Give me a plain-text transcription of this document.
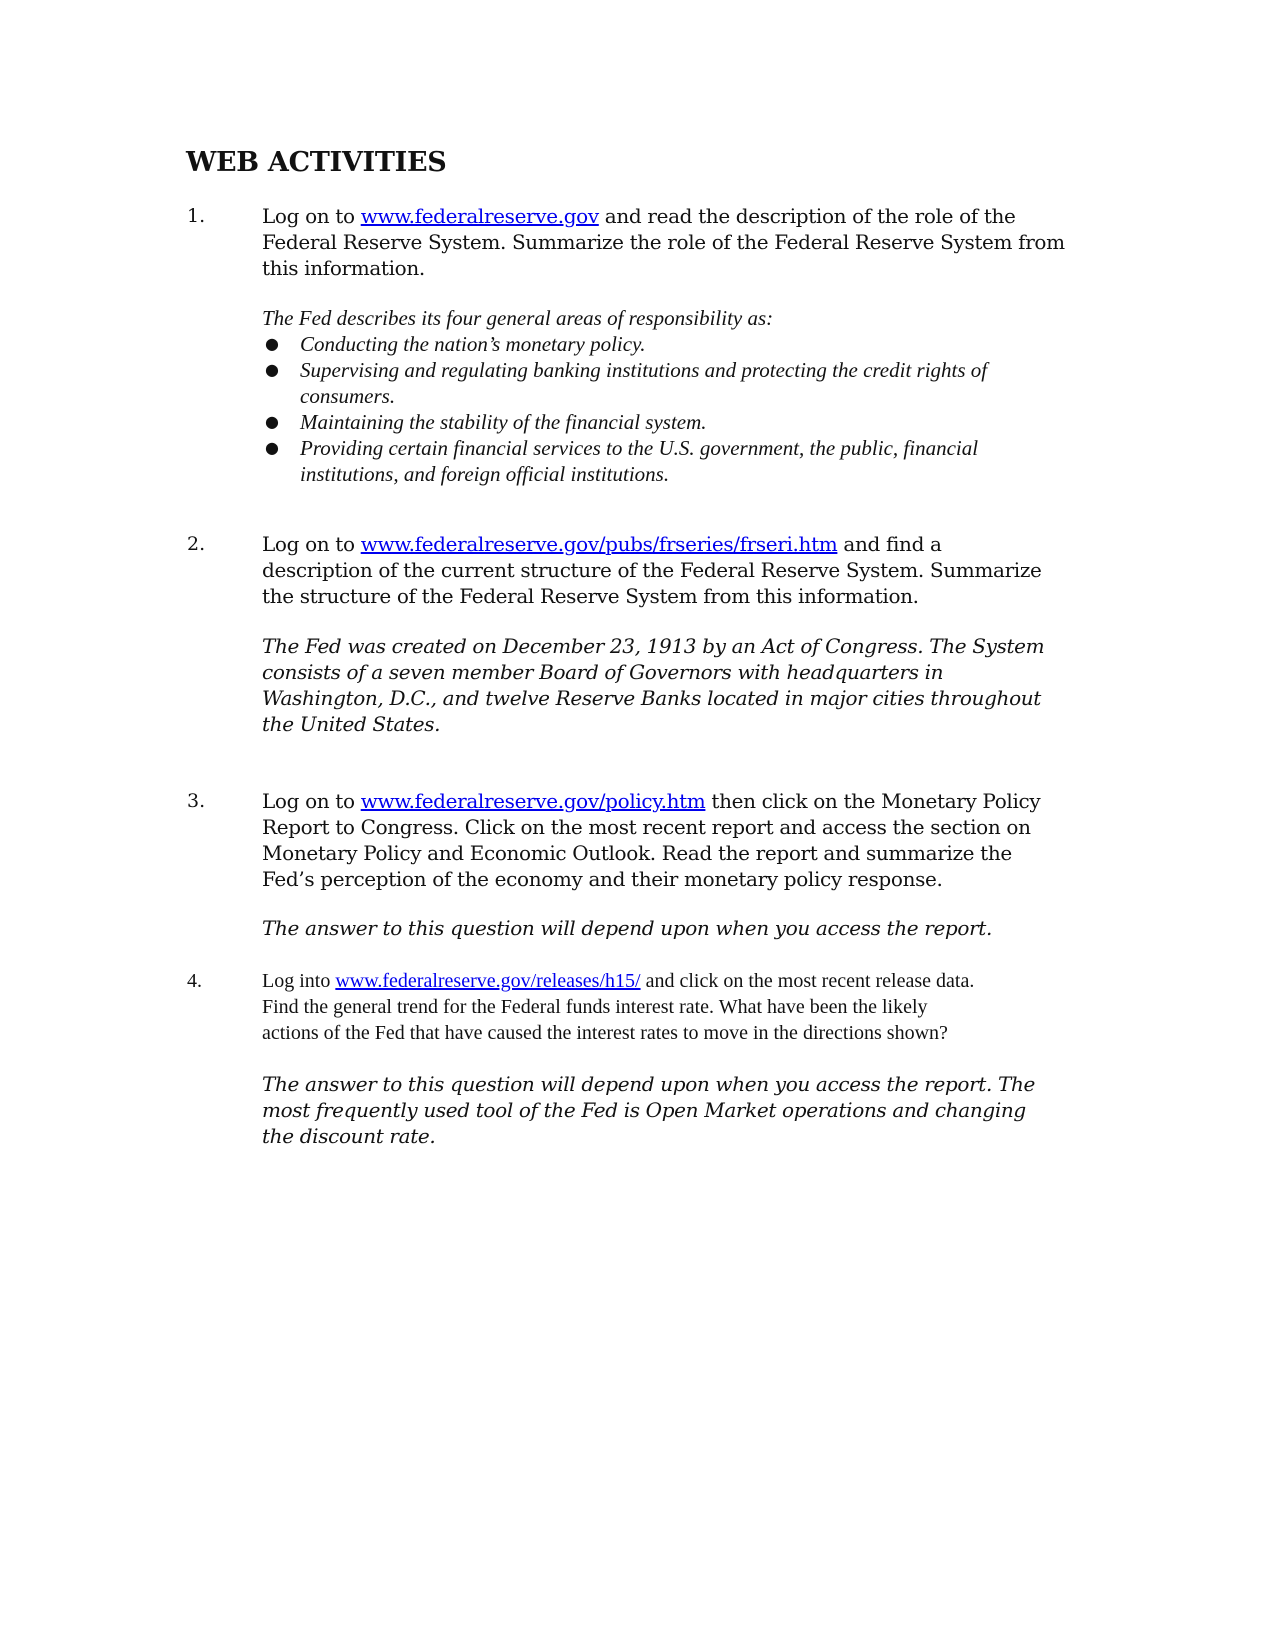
WEB ACTIVITIES
1.	Log on to www.federalreserve.gov and read the description of the role of the
Federal Reserve System. Summarize the role of the Federal Reserve System from
this information.
The Fed describes its four general areas of responsibility as:
● Conducting the nation’s monetary policy.
● Supervising and regulating banking institutions and protecting the credit rights of
consumers.
● Maintaining the stability of the financial system.
● Providing certain financial services to the U.S. government, the public, financial
institutions, and foreign official institutions.
2.	Log on to www.federalreserve.gov/pubs/frseries/frseri.htm and find a
description of the current structure of the Federal Reserve System. Summarize
the structure of the Federal Reserve System from this information.
The Fed was created on December 23, 1913 by an Act of Congress. The System
consists of a seven member Board of Governors with headquarters in
Washington, D.C., and twelve Reserve Banks located in major cities throughout
the United States.
3.	Log on to www.federalreserve.gov/policy.htm then click on the Monetary Policy
Report to Congress. Click on the most recent report and access the section on
Monetary Policy and Economic Outlook. Read the report and summarize the
Fed’s perception of the economy and their monetary policy response.
The answer to this question will depend upon when you access the report.
4.	Log into www.federalreserve.gov/releases/h15/ and click on the most recent release data.
Find the general trend for the Federal funds interest rate. What have been the likely
actions of the Fed that have caused the interest rates to move in the directions shown?
The answer to this question will depend upon when you access the report. The
most frequently used tool of the Fed is Open Market operations and changing
the discount rate.
